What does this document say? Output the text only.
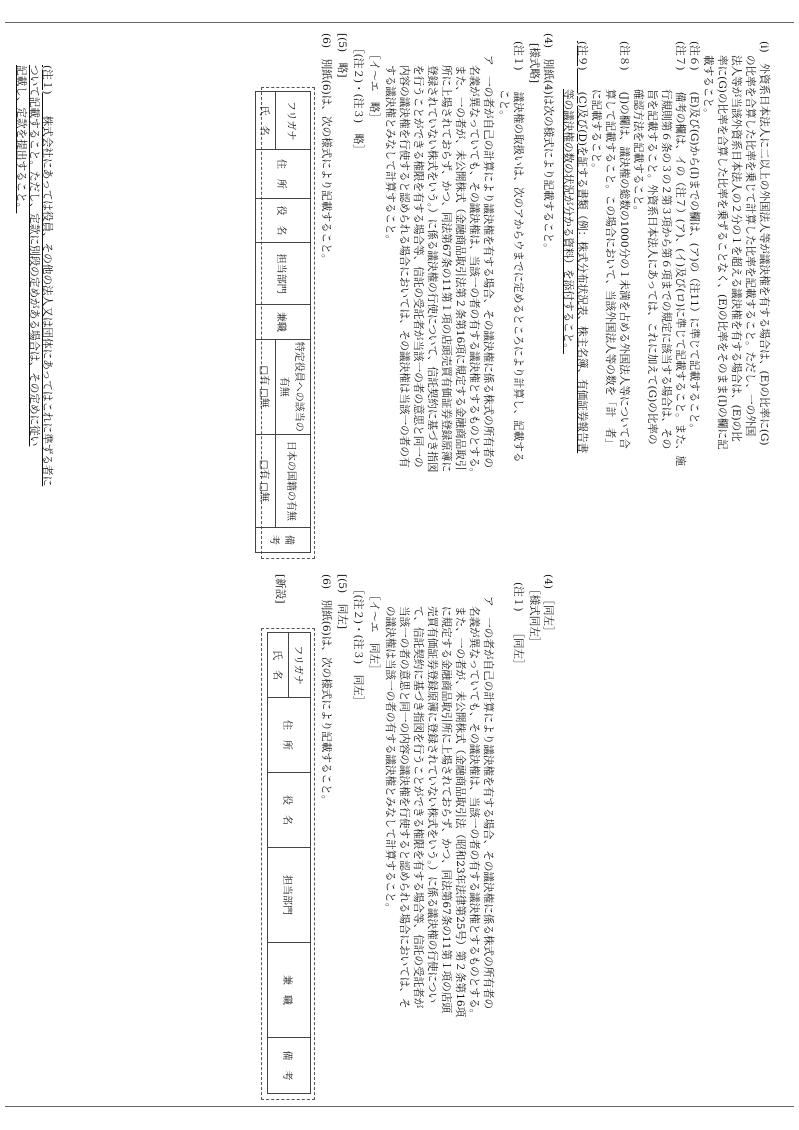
(i)　外資系日本法人に二以上の外国法人等が議決権を有する場合は、(E)の比率に(G)
の比率を合算した比率を乗じて計算した比率を記載すること。ただし、一の外国
法人等が当該外資系日本法人の２分の１を超える議決権を有する場合は、(E)の比
率に(G)の比率を合算した比率を乗ずることなく、(E)の比率をそのまま(I)の欄に記
載すること。
(注６)　　(E)及び(G)から(I)までの欄は、(ア)の（注11）に準じて記載すること。
(注７)　　備考の欄は、イの（注７）(ア)、(イ)及び(ロ)に準じて記載すること。また、施
行規則第６条の３の２第３項から第６項までの規定に該当する場合は、その
旨を記載すること。外資系日本法人にあっては、これに加えて(G)の比率の
確認方法を記載すること。
(注８)　　(J)の欄は、議決権の総数の1000分の１未満を占める外国法人等について合
算して記載すること。この場合において、当該外国法人等の数を「計　者」
に記載すること。
(注９)　　(C)及び(D)を証する書類（例：株式分布状況表、株主名簿、有価証券報告書
等の議決権の数の状況が分かる資料）を添付すること。
(4)　別紙(4)は次の様式により記載すること。
[様式略]
(注１)　　議決権の取扱いは、次のアからウまでに定めるところにより計算し、記載する
こと。
ア　一の者が自己の計算により議決権を有する場合、その議決権に係る株式の所有者の
名義が異なっていても、その議決権は、当該一の者の有する議決権とするものとする。
また、一の者が、未公開株式（金融商品取引法第２条第16項に規定する金融商品取引
所に上場されておらず、かつ、同法第67条の11第１項の店頭売買有価証券登録原簿に
登録されていない株式をいう。）に係る議決権の行使について、信託契約に基づき指図
を行うことができる権限を有する場合等、信託の受託者が当該一の者の意思と同一の
内容の議決権を行使すると認められる場合においては、その議決権は当該一の者の有
する議決権とみなして計算すること。
［イ～エ　略］
［(注２)・(注３)　略］
[(5)　略]
(6)　別紙(6)は、次の様式により記載すること。
フリガナ	住　所	役　名	担当部門	兼職	特定役員への該当の有無	日本の国籍の有無	備　考
氏　名					□有 □無	□有 □無	
(4)　［同左］
［様式同左］
(注１)　　［同左］
ア　一の者が自己の計算により議決権を有する場合、その議決権に係る株式の所有者の
名義が異なっていても、その議決権は、当該一の者の有する議決権とするものとする。
また、一の者が、未公開株式（金融商品取引法（昭和23年法律第25号）第２条第16項
に規定する金融商品取引所に上場されておらず、かつ、同法第67条の11第１項の店頭
売買有価証券登録原簿に登録されていない株式をいう。）に係る議決権の行使につい
て、信託契約に基づき指図を行うことができる権限を有する場合等、信託の受託者が
当該一の者の意思と同一の内容の議決権を行使すると認められる場合においては、そ
の議決権は当該一の者の有する議決権とみなして計算すること。
［イ～エ　同左］
［(注２)・(注３)　同左］
[(5)　同左]
(6)　別紙(6)は、次の様式により記載すること。
フリガナ	住　所	役　名	担当部門	兼　職	備　考
氏　名
[新設]
(注１)　　株式会社にあっては役員、その他の法人又は団体にあってはこれに準ずる者に
ついて記載すること。ただし、定款に別段の定めがある場合は、その定めに従い
記載し、定款を提出すること。
